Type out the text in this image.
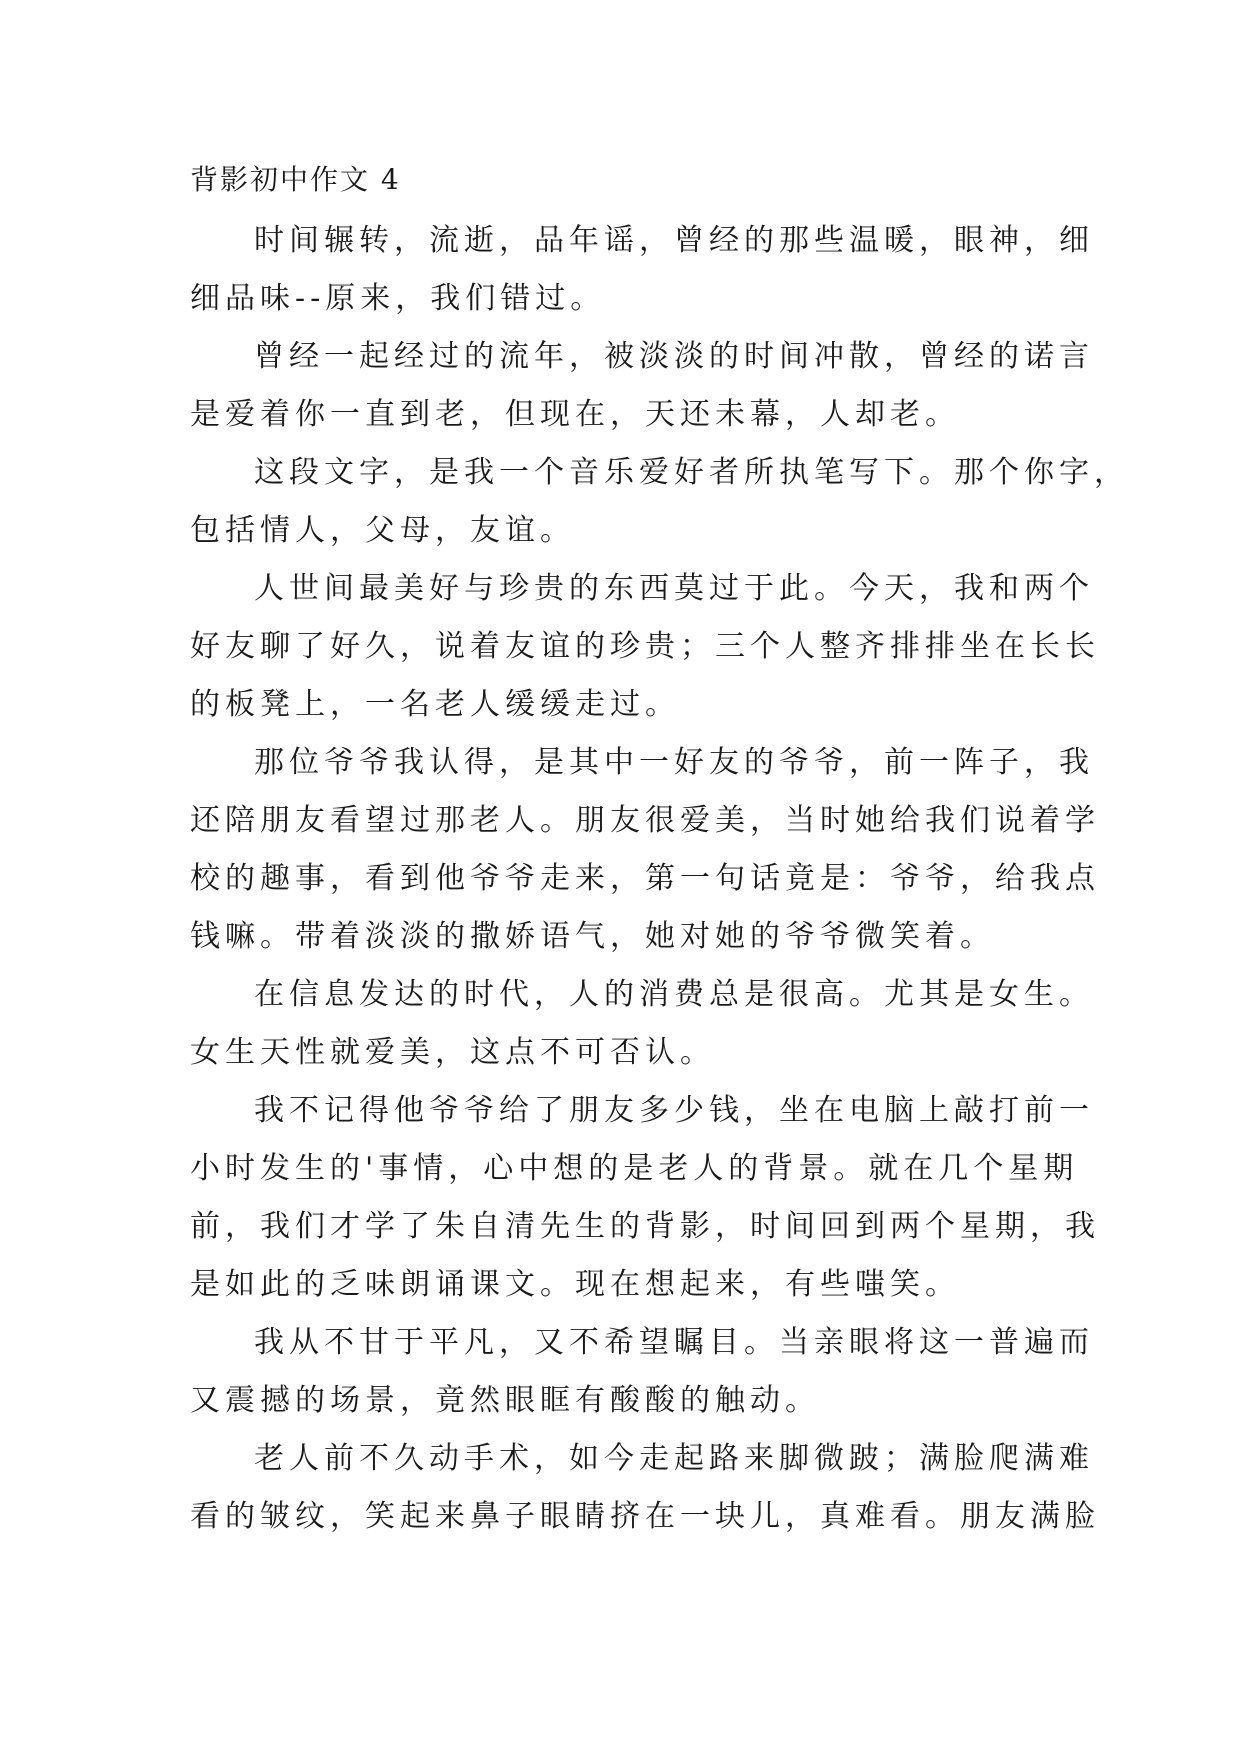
背影初中作文 4
时间辗转，流逝，品年谣，曾经的那些温暖，眼神，细
细品味--原来，我们错过。
曾经一起经过的流年，被淡淡的时间冲散，曾经的诺言
是爱着你一直到老，但现在，天还未幕，人却老。
这段文字，是我一个音乐爱好者所执笔写下。那个你字，
包括情人，父母，友谊。
人世间最美好与珍贵的东西莫过于此。今天，我和两个
好友聊了好久，说着友谊的珍贵；三个人整齐排排坐在长长
的板凳上，一名老人缓缓走过。
那位爷爷我认得，是其中一好友的爷爷，前一阵子，我
还陪朋友看望过那老人。朋友很爱美，当时她给我们说着学
校的趣事，看到他爷爷走来，第一句话竟是：爷爷，给我点
钱嘛。带着淡淡的撒娇语气，她对她的爷爷微笑着。
在信息发达的时代，人的消费总是很高。尤其是女生。
女生天性就爱美，这点不可否认。
我不记得他爷爷给了朋友多少钱，坐在电脑上敲打前一
小时发生的'事情，心中想的是老人的背景。就在几个星期
前，我们才学了朱自清先生的背影，时间回到两个星期，我
是如此的乏味朗诵课文。现在想起来，有些嗤笑。
我从不甘于平凡，又不希望瞩目。当亲眼将这一普遍而
又震撼的场景，竟然眼眶有酸酸的触动。
老人前不久动手术，如今走起路来脚微跛；满脸爬满难
看的皱纹，笑起来鼻子眼睛挤在一块儿，真难看。朋友满脸
